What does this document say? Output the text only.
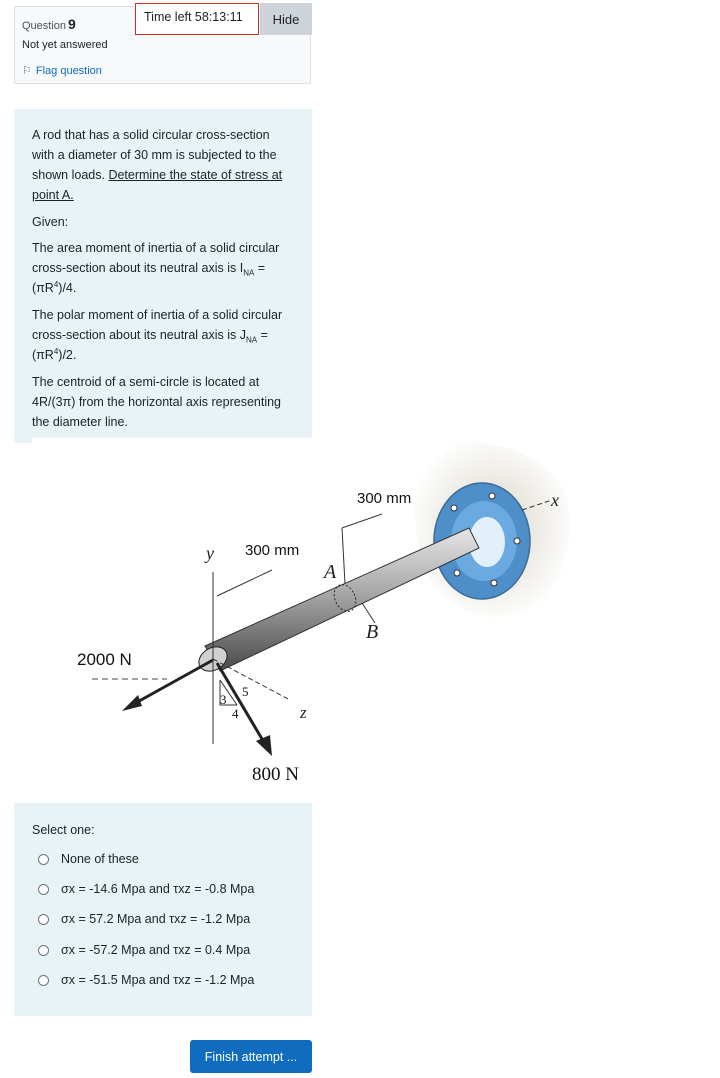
Question 9
Not yet answered
⚐ Flag question
Time left 58:13:11	Hide
A rod that has a solid circular cross-section with a diameter of 30 mm is subjected to the shown loads. Determine the state of stress at point A.
Given:
The area moment of inertia of a solid circular cross-section about its neutral axis is $I_{NA} = (\pi R^4)/4$.
The polar moment of inertia of a solid circular cross-section about its neutral axis is $J_{NA} = (\pi R^4)/2$.
The centroid of a semi-circle is located at 4R/(3π) from the horizontal axis representing the diameter line.
x
y
z
300 mm
300 mm
A
B
2000 N
800 N
3
4
5
Select one:
None of these
σx = -14.6 Mpa and τxz = -0.8 Mpa
σx = 57.2 Mpa and τxz = -1.2 Mpa
σx = -57.2 Mpa and τxz = 0.4 Mpa
σx = -51.5 Mpa and τxz = -1.2 Mpa
Finish attempt ...
